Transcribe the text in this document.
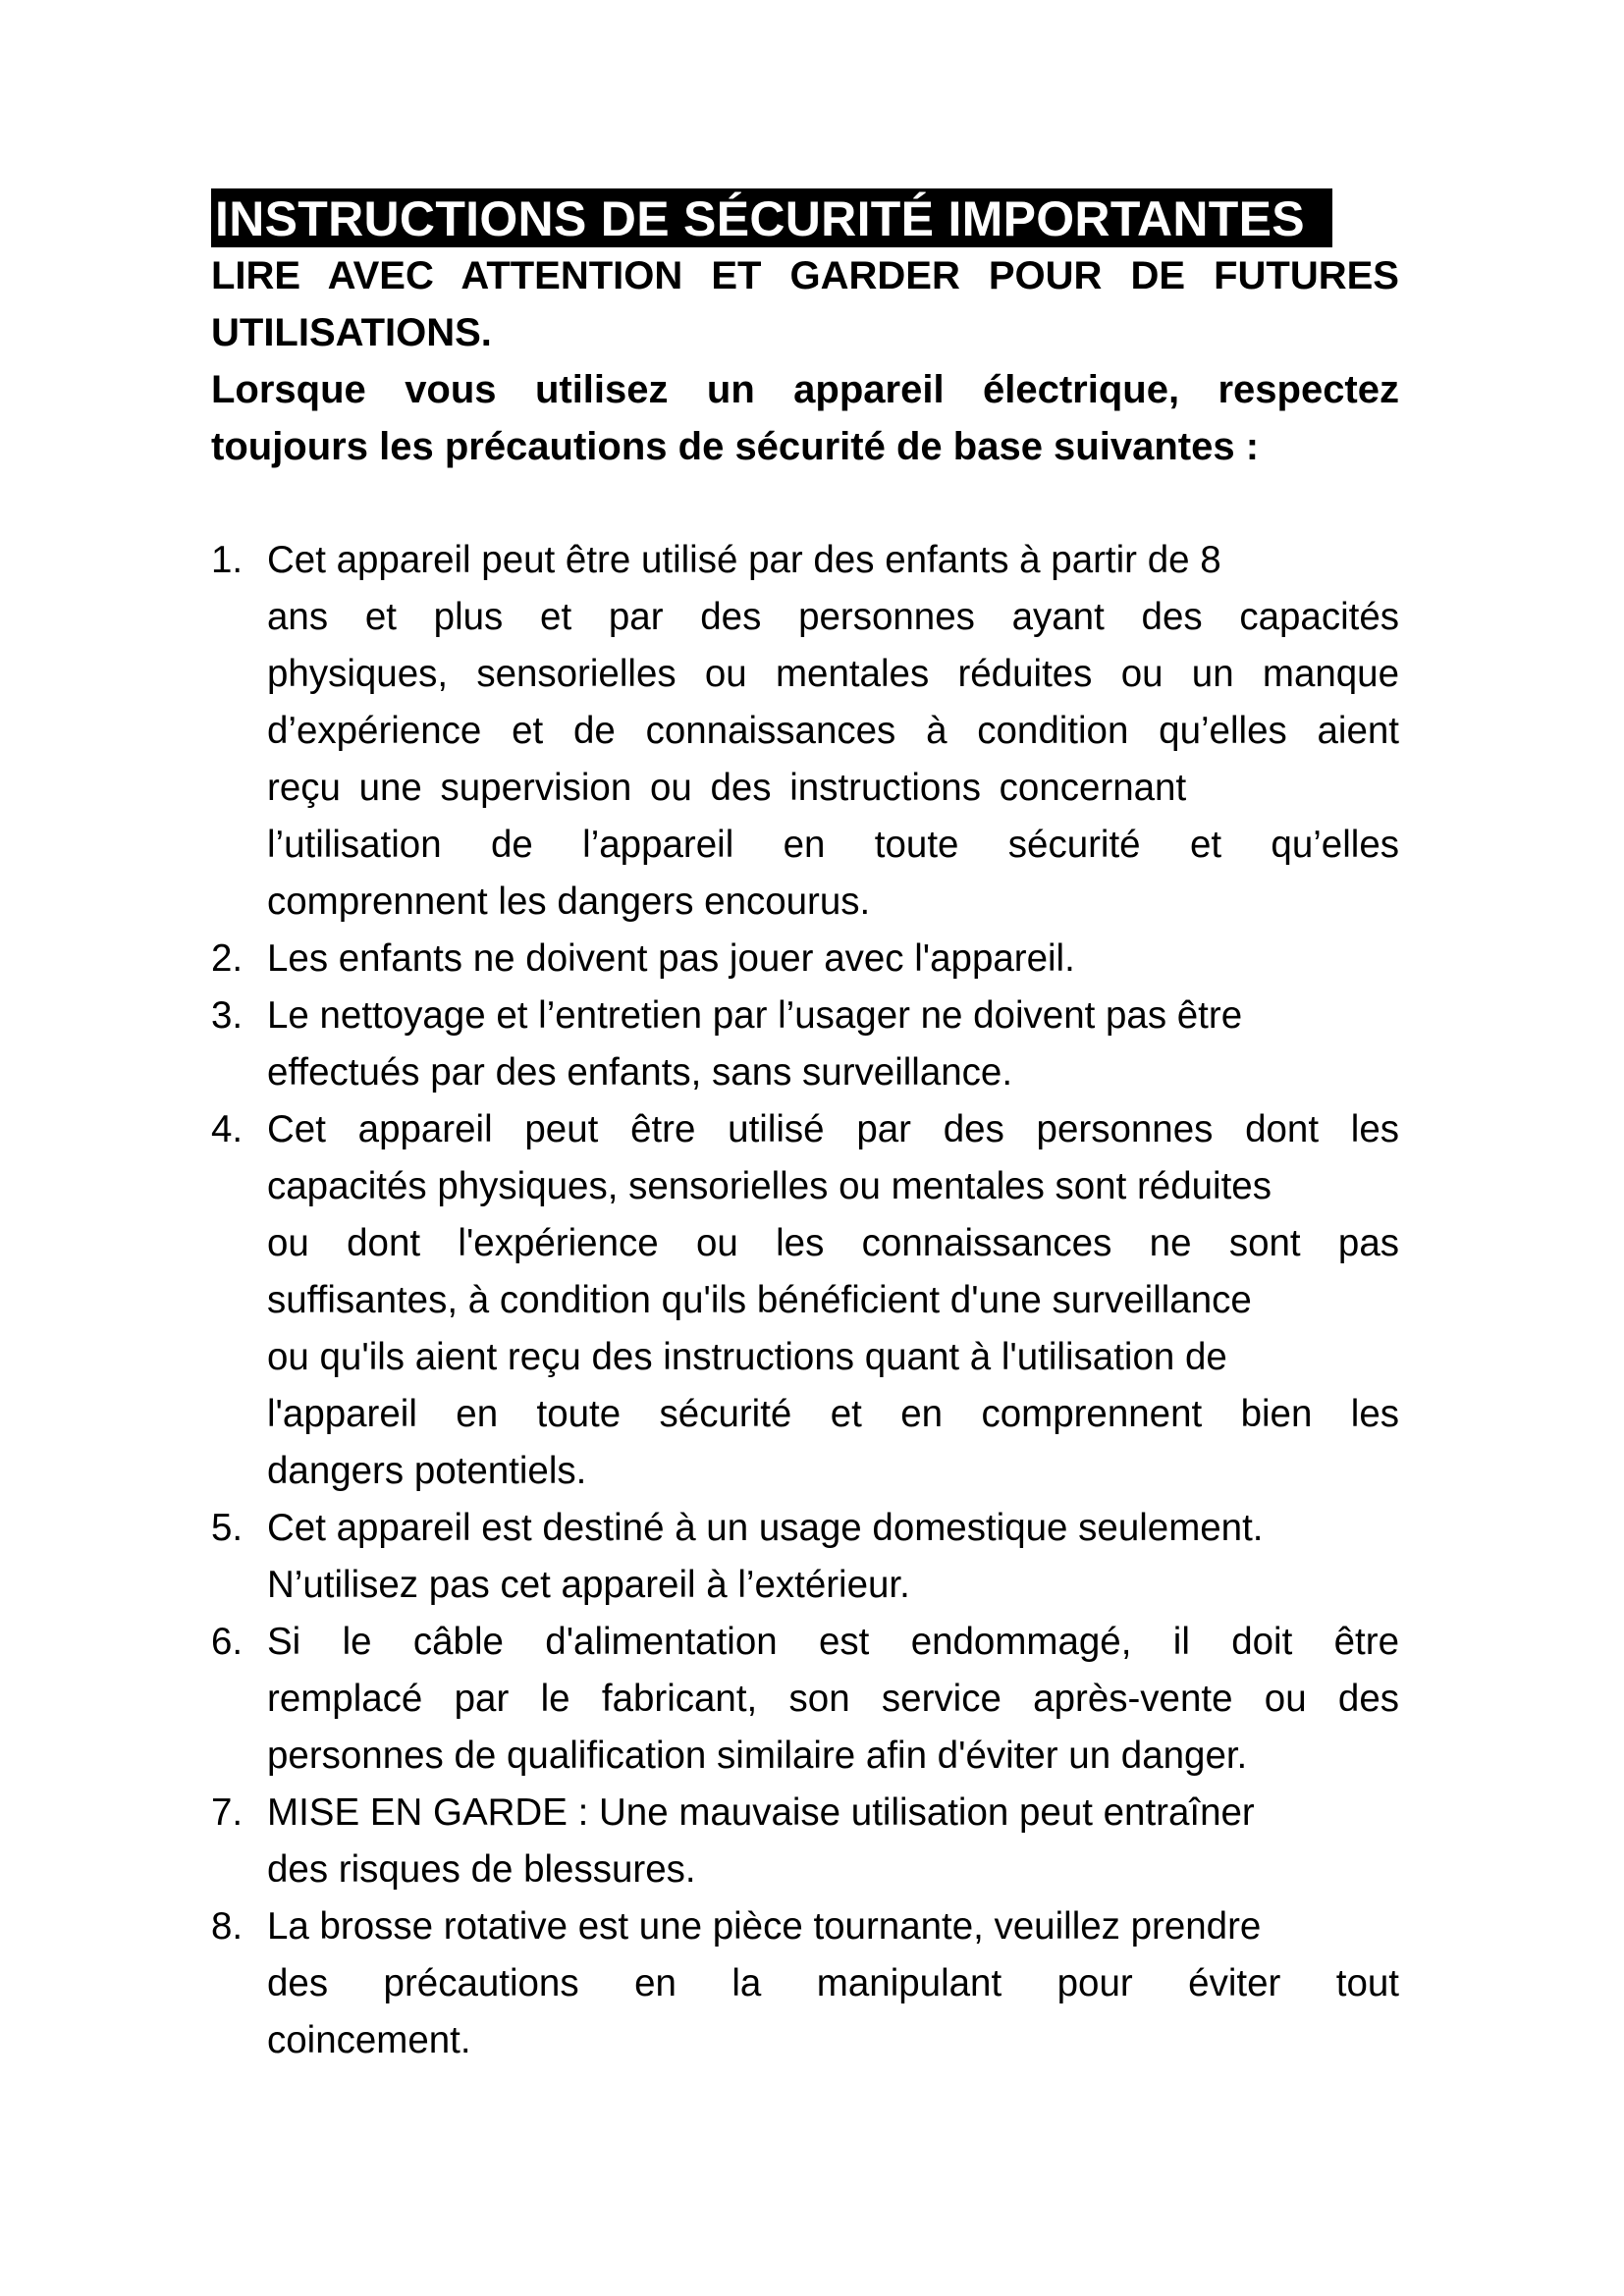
INSTRUCTIONS DE SÉCURITÉ IMPORTANTES
LIRE AVEC ATTENTION ET GARDER POUR DE FUTURES
UTILISATIONS.
Lorsque vous utilisez un appareil électrique, respectez
toujours les précautions de sécurité de base suivantes :
1. Cet appareil peut être utilisé par des enfants à partir de 8
ans et plus et par des personnes ayant des capacités
physiques, sensorielles ou mentales réduites ou un manque
d’expérience et de connaissances à condition qu’elles aient
reçu une supervision ou des instructions concernant
l’utilisation de l’appareil en toute sécurité et qu’elles
comprennent les dangers encourus.
2. Les enfants ne doivent pas jouer avec l'appareil.
3. Le nettoyage et l’entretien par l’usager ne doivent pas être
effectués par des enfants, sans surveillance.
4. Cet appareil peut être utilisé par des personnes dont les
capacités physiques, sensorielles ou mentales sont réduites
ou dont l'expérience ou les connaissances ne sont pas
suffisantes, à condition qu'ils bénéficient d'une surveillance
ou qu'ils aient reçu des instructions quant à l'utilisation de
l'appareil en toute sécurité et en comprennent bien les
dangers potentiels.
5. Cet appareil est destiné à un usage domestique seulement.
N’utilisez pas cet appareil à l’extérieur.
6. Si le câble d'alimentation est endommagé, il doit être
remplacé par le fabricant, son service après-vente ou des
personnes de qualification similaire afin d'éviter un danger.
7. MISE EN GARDE : Une mauvaise utilisation peut entraîner
des risques de blessures.
8. La brosse rotative est une pièce tournante, veuillez prendre
des précautions en la manipulant pour éviter tout
coincement.
